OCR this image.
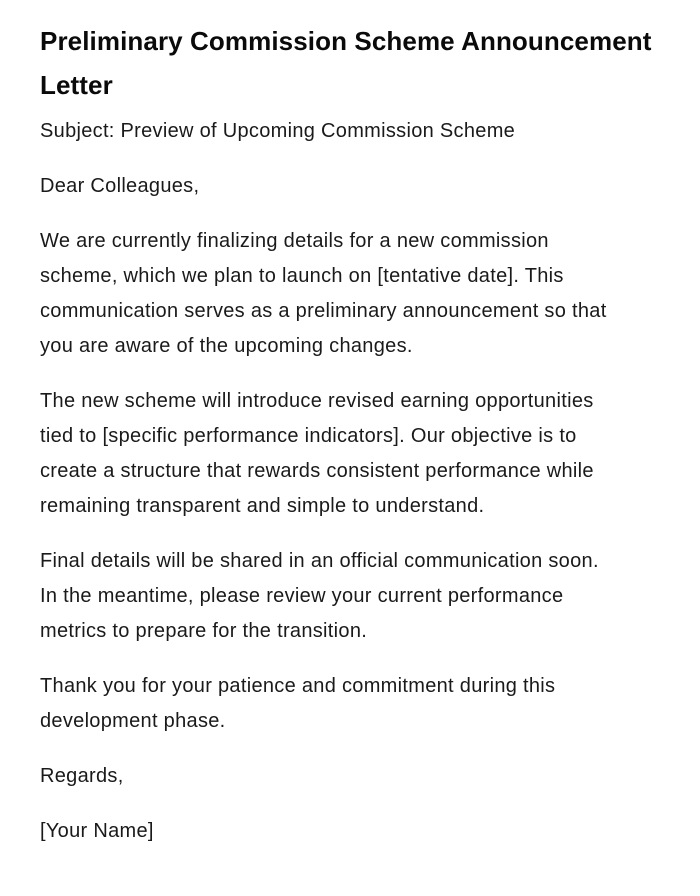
Preliminary Commission Scheme Announcement Letter

Subject: Preview of Upcoming Commission Scheme

Dear Colleagues,

We are currently finalizing details for a new commission scheme, which we plan to launch on [tentative date]. This communication serves as a preliminary announcement so that you are aware of the upcoming changes.

The new scheme will introduce revised earning opportunities tied to [specific performance indicators]. Our objective is to create a structure that rewards consistent performance while remaining transparent and simple to understand.

Final details will be shared in an official communication soon. In the meantime, please review your current performance metrics to prepare for the transition.

Thank you for your patience and commitment during this development phase.

Regards,

[Your Name]
